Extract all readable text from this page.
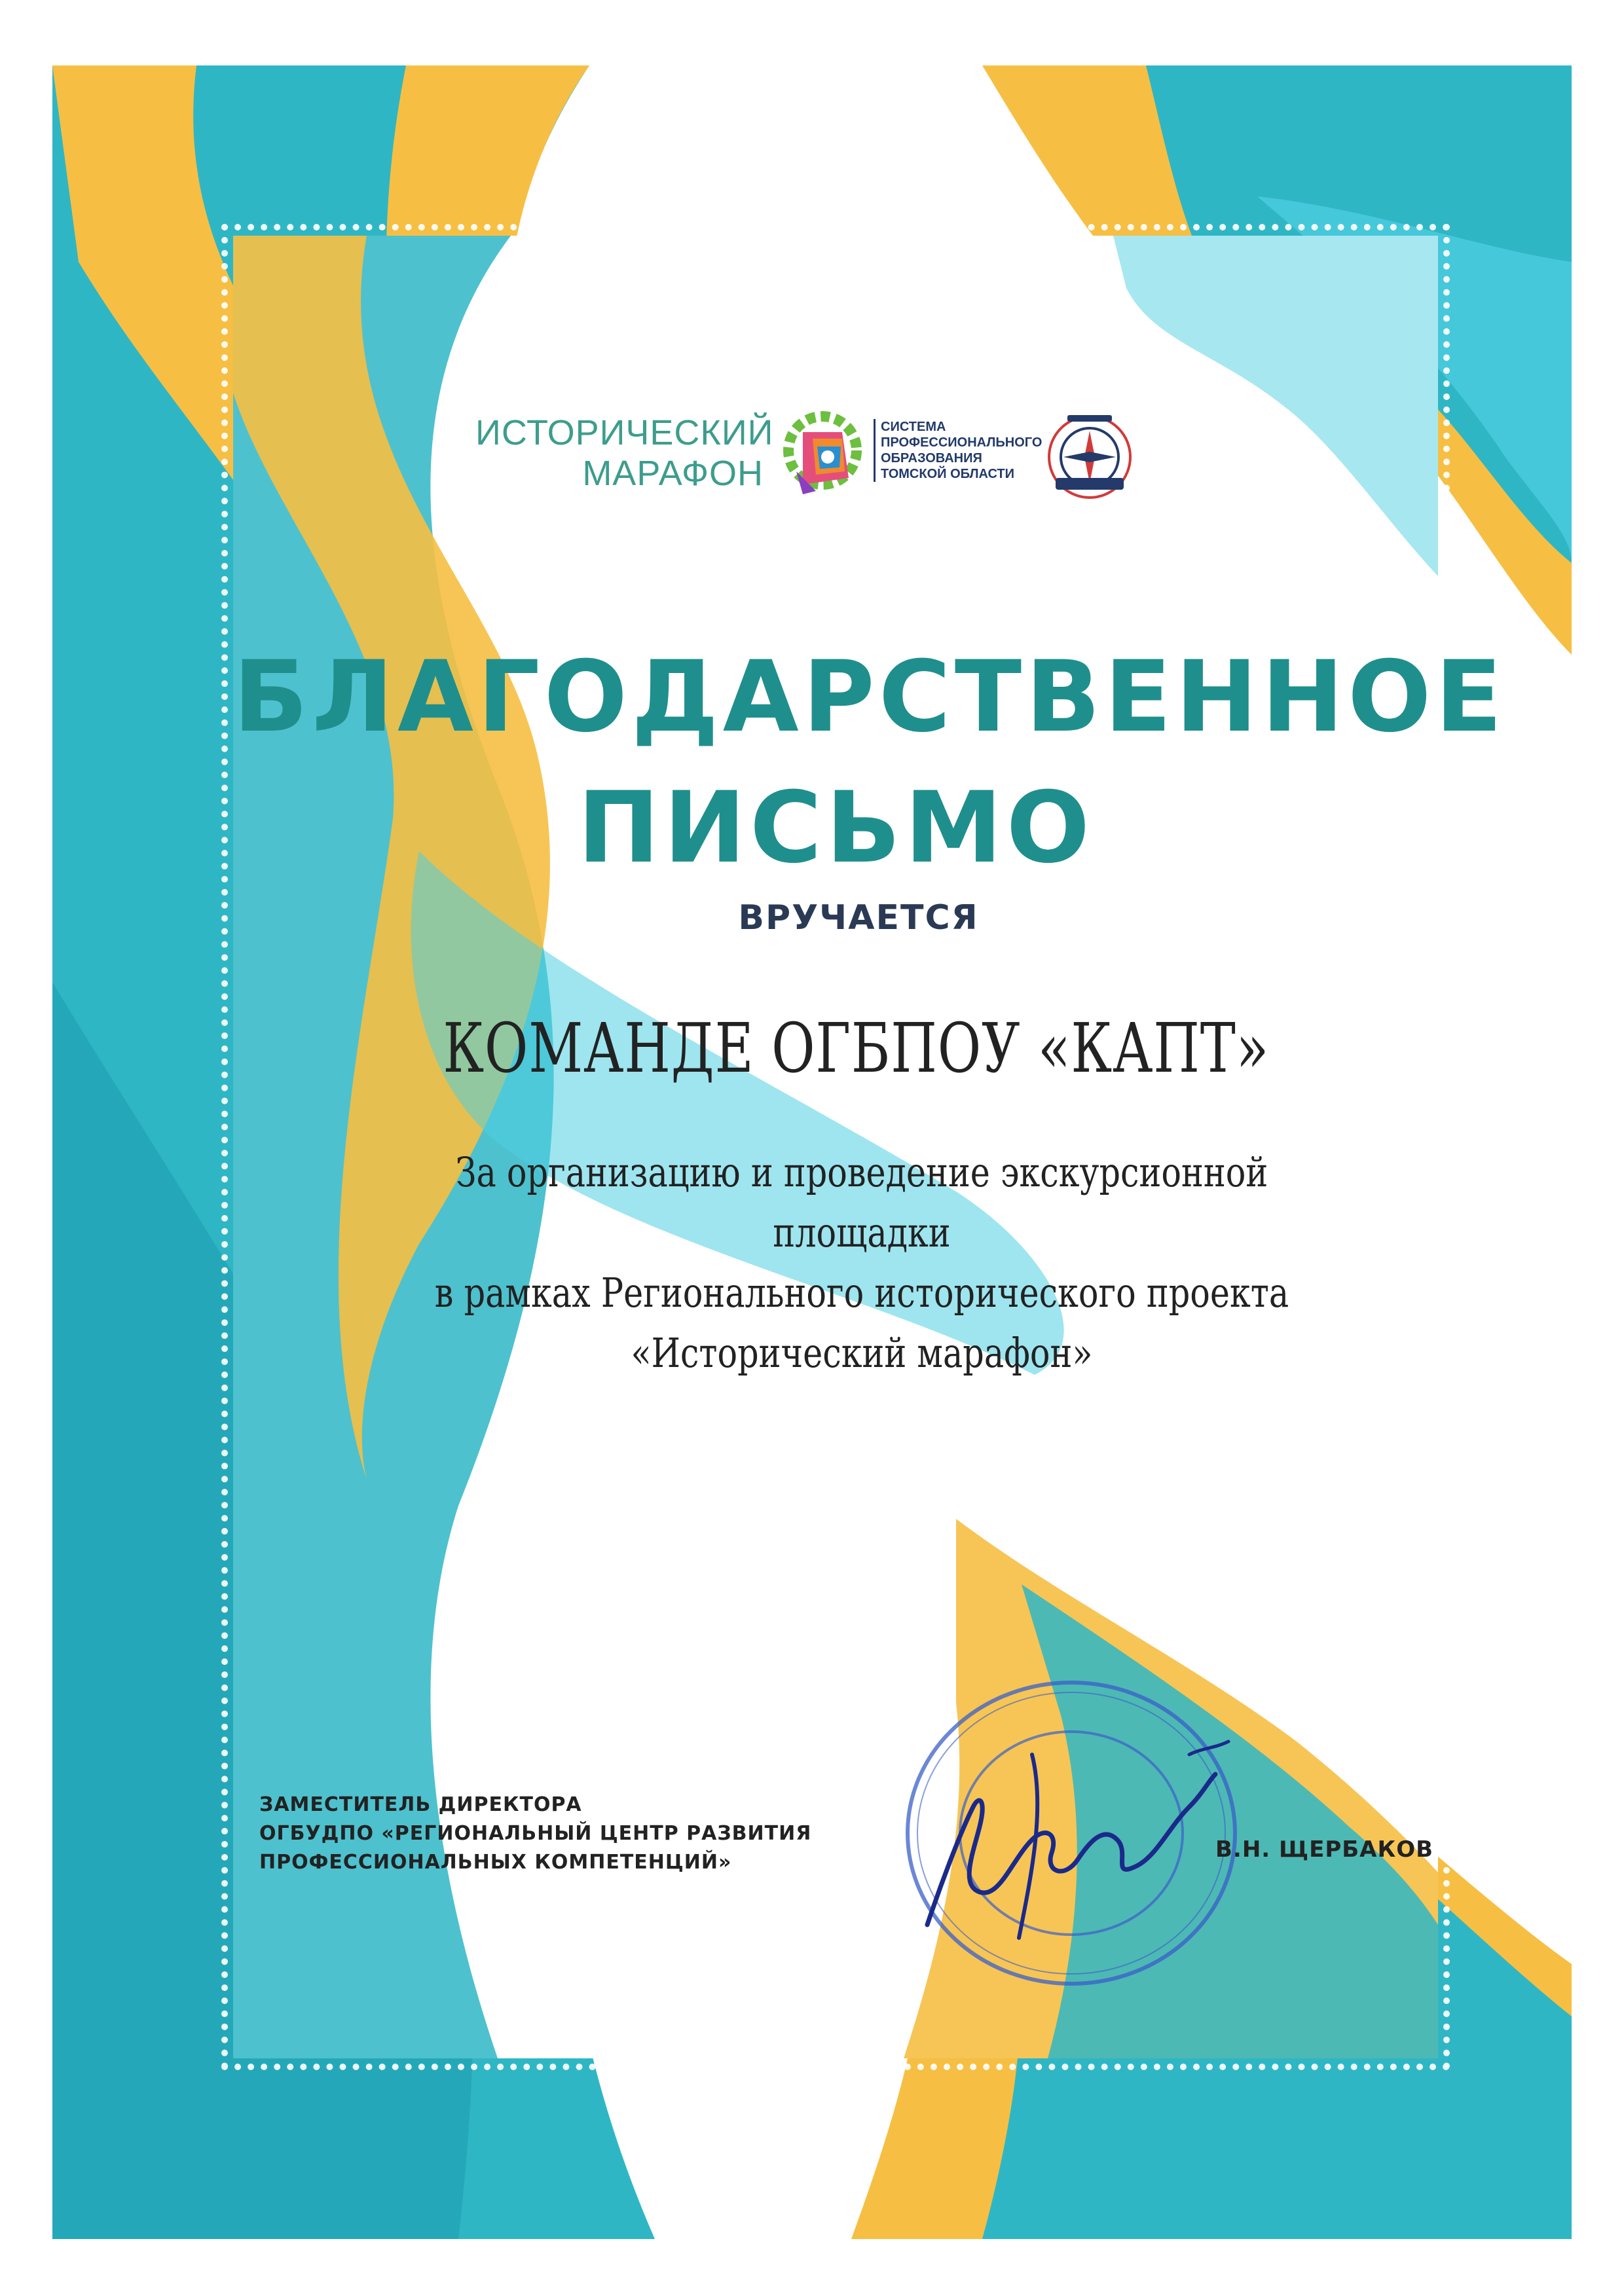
ИСТОРИЧЕСКИЙ
МАРАФОН
СИСТЕМА
ПРОФЕССИОНАЛЬНОГО
ОБРАЗОВАНИЯ
ТОМСКОЙ ОБЛАСТИ
БЛАГОДАРСТВЕННОЕ
ПИСЬМО
ВРУЧАЕТСЯ
КОМАНДЕ ОГБПОУ «КАПТ»
За организацию и проведение экскурсионной площадки
в рамках Регионального исторического проекта
«Исторический марафон»
ЗАМЕСТИТЕЛЬ ДИРЕКТОРА
ОГБУДПО «РЕГИОНАЛЬНЫЙ ЦЕНТР РАЗВИТИЯ
ПРОФЕССИОНАЛЬНЫХ КОМПЕТЕНЦИЙ»	В.Н. ЩЕРБАКОВ
